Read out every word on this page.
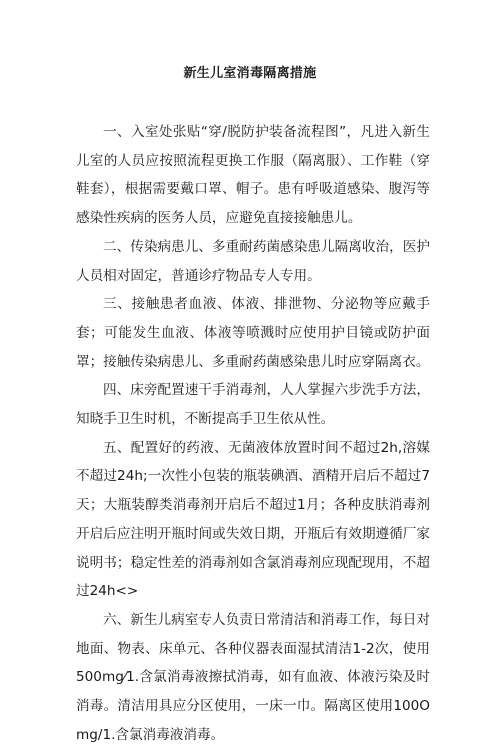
新生儿室消毒隔离措施

一、入室处张贴“穿/脱防护装备流程图”，凡进入新生儿室的人员应按照流程更换工作服（隔离服）、工作鞋（穿鞋套），根据需要戴口罩、帽子。患有呼吸道感染、腹泻等感染性疾病的医务人员，应避免直接接触患儿。

二、传染病患儿、多重耐药菌感染患儿隔离收治，医护人员相对固定，普通诊疗物品专人专用。

三、接触患者血液、体液、排泄物、分泌物等应戴手套；可能发生血液、体液等喷溅时应使用护目镜或防护面罩；接触传染病患儿、多重耐药菌感染患儿时应穿隔离衣。

四、床旁配置速干手消毒剂，人人掌握六步洗手方法，知晓手卫生时机，不断提高手卫生依从性。

五、配置好的药液、无菌液体放置时间不超过2h,溶媒不超过24h;一次性小包装的瓶装碘酒、酒精开启后不超过7天；大瓶装醇类消毒剂开启后不超过1月；各种皮肤消毒剂开启后应注明开瓶时间或失效日期，开瓶后有效期遵循厂家说明书；稳定性差的消毒剂如含氯消毒剂应现配现用，不超过24h<>

六、新生儿病室专人负责日常清洁和消毒工作，每日对地面、物表、床单元、各种仪器表面湿拭清洁1-2次，使用500mg⁄1.含氯消毒液擦拭消毒，如有血液、体液污染及时消毒。清洁用具应分区使用，一床一巾。隔离区使用100Omg/1.含氯消毒液消毒。
